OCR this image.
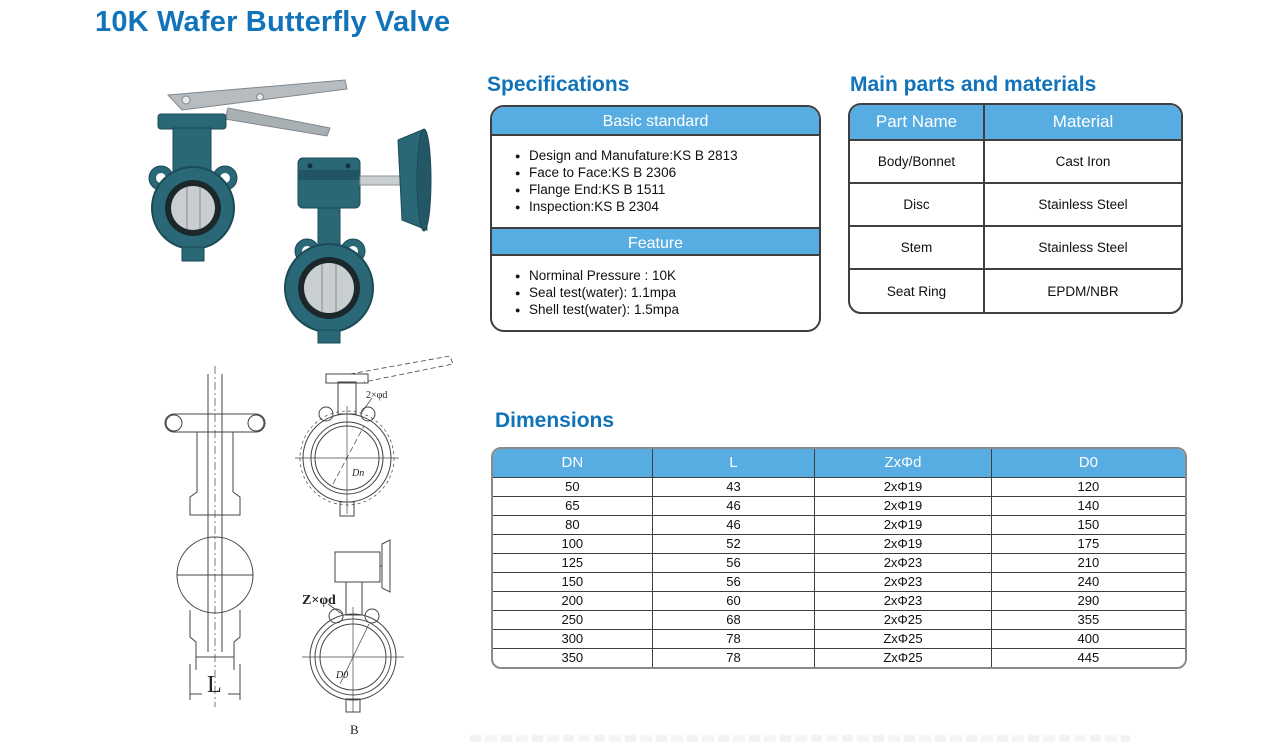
10K Wafer Butterfly Valve
L
2×φd
Dn
Z×φd
D0
B
Specifications
Basic standard
● Design and Manufature:KS B 2813
● Face to Face:KS B 2306
● Flange End:KS B 1511
● Inspection:KS B 2304
Feature
● Norminal Pressure : 10K
● Seal test(water): 1.1mpa
● Shell test(water): 1.5mpa
Main parts and materials
Part Name	Material
Body/Bonnet	Cast Iron
Disc	Stainless Steel
Stem	Stainless Steel
Seat Ring	EPDM/NBR
Dimensions
DN	L	ZxΦd	D0
50	43	2xΦ19	120
65	46	2xΦ19	140
80	46	2xΦ19	150
100	52	2xΦ19	175
125	56	2xΦ23	210
150	56	2xΦ23	240
200	60	2xΦ23	290
250	68	2xΦ25	355
300	78	ZxΦ25	400
350	78	ZxΦ25	445
